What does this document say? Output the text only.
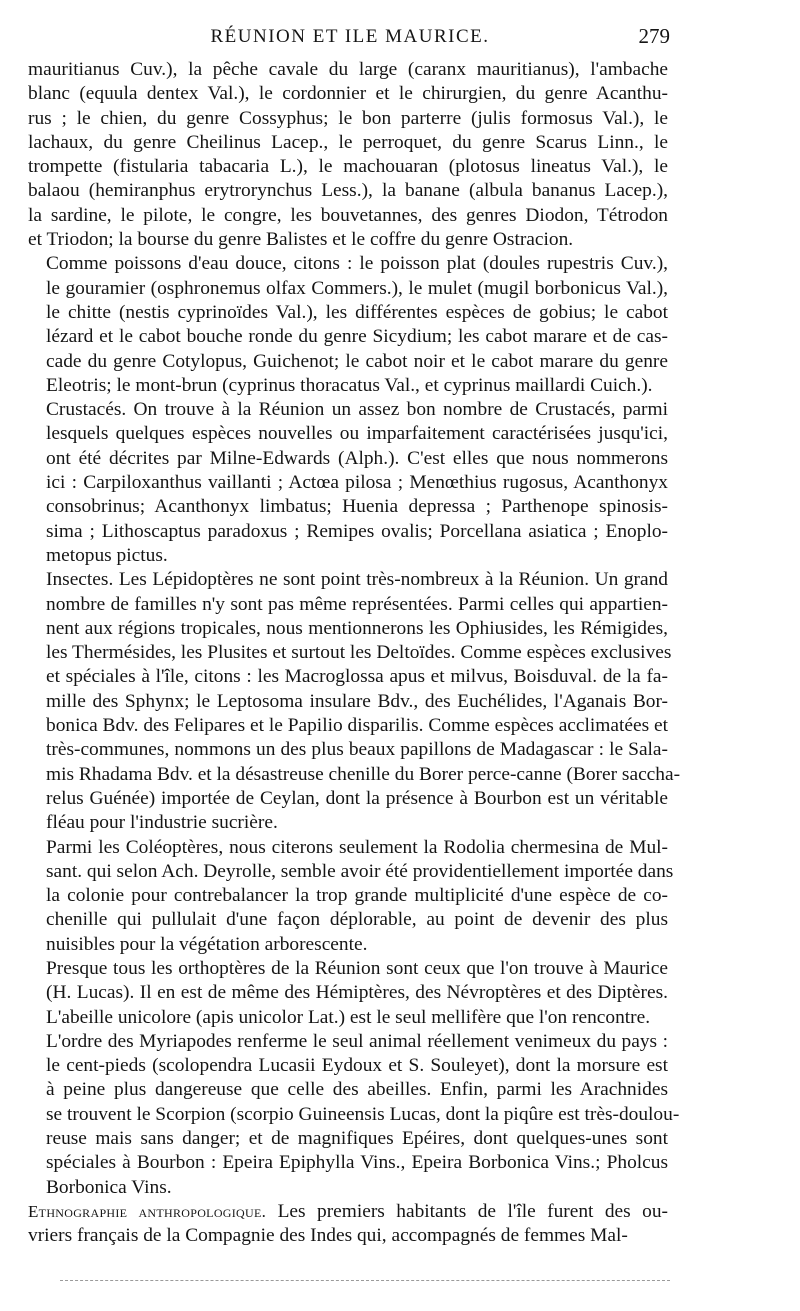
RÉUNION ET ILE MAURICE.	279

mauritianus Cuv.), la pêche cavale du large (caranx mauritianus), l'ambache
blanc (equula dentex Val.), le cordonnier et le chirurgien, du genre Acanthu-
rus ; le chien, du genre Cossyphus; le bon parterre (julis formosus Val.), le
lachaux, du genre Cheilinus Lacep., le perroquet, du genre Scarus Linn., le
trompette (fistularia tabacaria L.), le machouaran (plotosus lineatus Val.), le
balaou (hemiranphus erytrorynchus Less.), la banane (albula bananus Lacep.),
la sardine, le pilote, le congre, les bouvetannes, des genres Diodon, Tétrodon
et Triodon; la bourse du genre Balistes et le coffre du genre Ostracion.

Comme poissons d'eau douce, citons : le poisson plat (doules rupestris Cuv.),
le gouramier (osphronemus olfax Commers.), le mulet (mugil borbonicus Val.),
le chitte (nestis cyprinoïdes Val.), les différentes espèces de gobius; le cabot
lézard et le cabot bouche ronde du genre Sicydium; les cabot marare et de cas-
cade du genre Cotylopus, Guichenot; le cabot noir et le cabot marare du genre
Eleotris; le mont-brun (cyprinus thoracatus Val., et cyprinus maillardi Cuich.).

Crustacés. On trouve à la Réunion un assez bon nombre de Crustacés, parmi
lesquels quelques espèces nouvelles ou imparfaitement caractérisées jusqu'ici,
ont été décrites par Milne-Edwards (Alph.). C'est elles que nous nommerons
ici : Carpiloxanthus vaillanti ; Actœa pilosa ; Menœthius rugosus, Acanthonyx
consobrinus; Acanthonyx limbatus; Huenia depressa ; Parthenope spinosis-
sima ; Lithoscaptus paradoxus ; Remipes ovalis; Porcellana asiatica ; Enoplo-
metopus pictus.

Insectes. Les Lépidoptères ne sont point très-nombreux à la Réunion. Un grand
nombre de familles n'y sont pas même représentées. Parmi celles qui appartien-
nent aux régions tropicales, nous mentionnerons les Ophiusides, les Rémigides,
les Thermésides, les Plusites et surtout les Deltoïdes. Comme espèces exclusives
et spéciales à l'île, citons : les Macroglossa apus et milvus, Boisduval. de la fa-
mille des Sphynx; le Leptosoma insulare Bdv., des Euchélides, l'Aganais Bor-
bonica Bdv. des Felipares et le Papilio disparilis. Comme espèces acclimatées et
très-communes, nommons un des plus beaux papillons de Madagascar : le Sala-
mis Rhadama Bdv. et la désastreuse chenille du Borer perce-canne (Borer saccha-
relus Guénée) importée de Ceylan, dont la présence à Bourbon est un véritable
fléau pour l'industrie sucrière.

Parmi les Coléoptères, nous citerons seulement la Rodolia chermesina de Mul-
sant. qui selon Ach. Deyrolle, semble avoir été providentiellement importée dans
la colonie pour contrebalancer la trop grande multiplicité d'une espèce de co-
chenille qui pullulait d'une façon déplorable, au point de devenir des plus
nuisibles pour la végétation arborescente.

Presque tous les orthoptères de la Réunion sont ceux que l'on trouve à Maurice
(H. Lucas). Il en est de même des Hémiptères, des Névroptères et des Diptères.
L'abeille unicolore (apis unicolor Lat.) est le seul mellifère que l'on rencontre.

L'ordre des Myriapodes renferme le seul animal réellement venimeux du pays :
le cent-pieds (scolopendra Lucasii Eydoux et S. Souleyet), dont la morsure est
à peine plus dangereuse que celle des abeilles. Enfin, parmi les Arachnides
se trouvent le Scorpion (scorpio Guineensis Lucas, dont la piqûre est très-doulou-
reuse mais sans danger; et de magnifiques Epéires, dont quelques-unes sont
spéciales à Bourbon : Epeira Epiphylla Vins., Epeira Borbonica Vins.; Pholcus
Borbonica Vins.

Ethnographie anthropologique. Les premiers habitants de l'île furent des ou-
vriers français de la Compagnie des Indes qui, accompagnés de femmes Mal-
